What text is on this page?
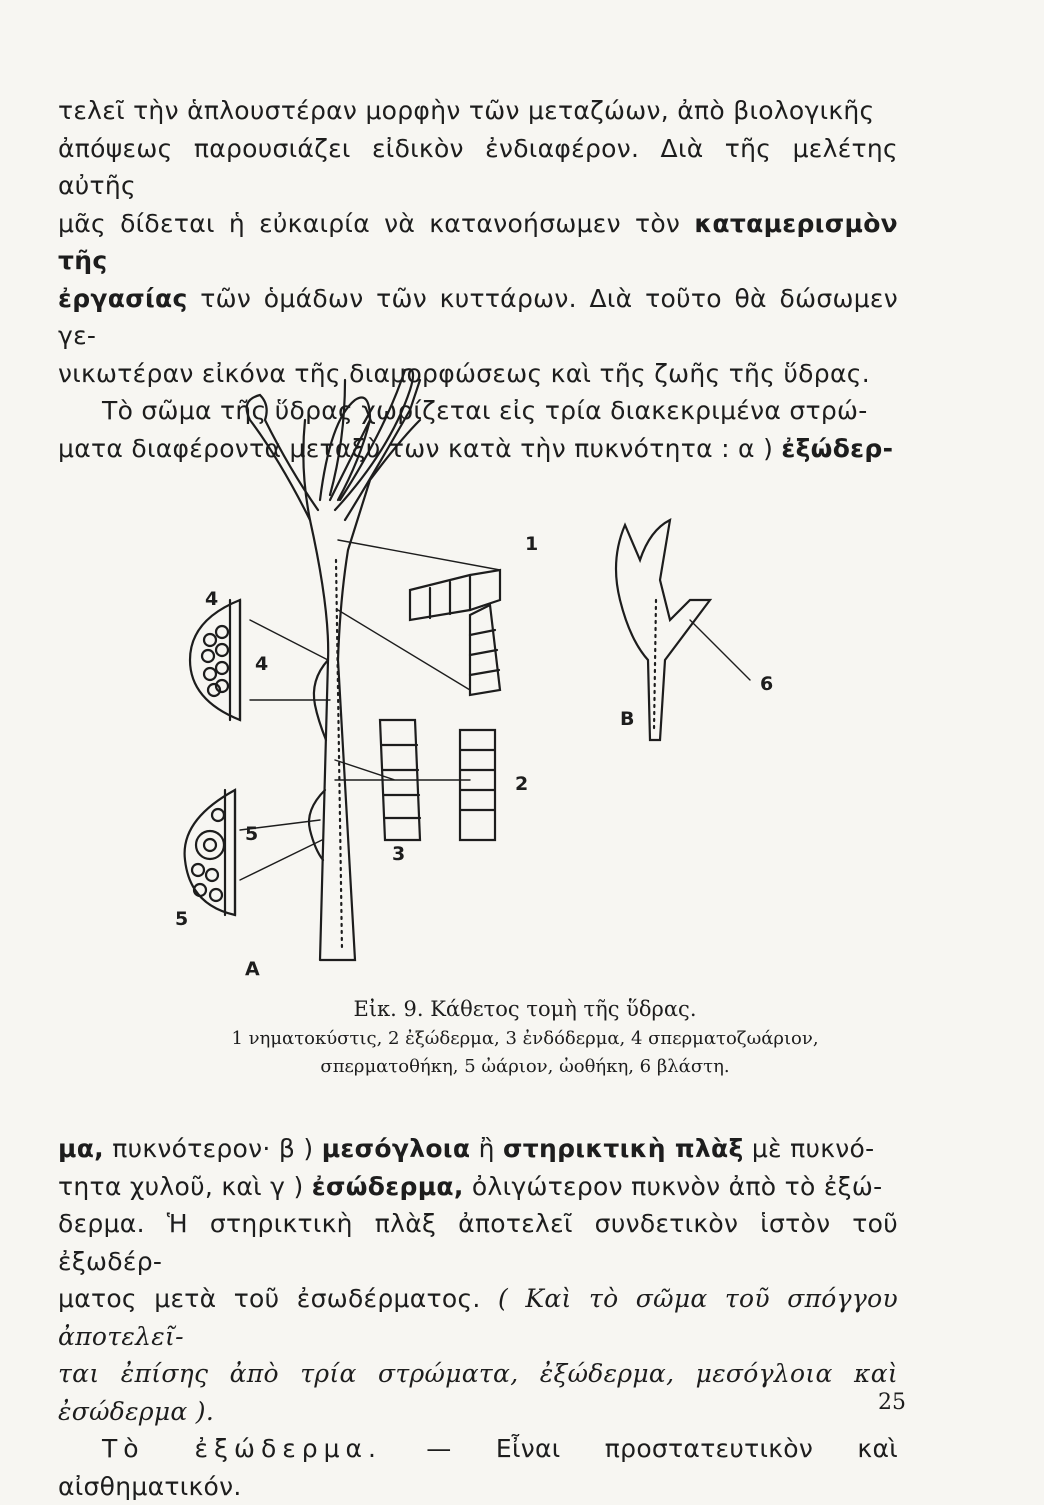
τελεῖ τὴν ἁπλουστέραν μορφὴν τῶν μεταζώων, ἀπὸ βιολογικῆς

ἀπόψεως παρουσιάζει εἰδικὸν ἐνδιαφέρον. Διὰ τῆς μελέτης αὐτῆς

μᾶς δίδεται ἡ εὐκαιρία νὰ κατανοήσωμεν τὸν καταμερισμὸν τῆς

ἐργασίας τῶν ὁμάδων τῶν κυττάρων. Διὰ τοῦτο θὰ δώσωμεν γε-

νικωτέραν εἰκόνα τῆς διαμορφώσεως καὶ τῆς ζωῆς τῆς ὕδρας.

Τὸ σῶμα τῆς ὕδρας χωρίζεται εἰς τρία διακεκριμένα στρώ-

ματα διαφέροντα μεταξὺ των κατὰ τὴν πυκνότητα : α ) ἐξώδερ-

1
2
3
4
4
5
5
6
Α
Β
Εἰκ. 9. Κάθετος τομὴ τῆς ὕδρας.
1 νηματοκύστις, 2 ἐξώδερμα, 3 ἐνδόδερμα, 4 σπερματοζωάριον,
σπερματοθήκη, 5 ὠάριον, ὠοθήκη, 6 βλάστη.

μα, πυκνότερον· β ) μεσόγλοια ἢ στηρικτικὴ πλὰξ μὲ πυκνό-

τητα χυλοῦ, καὶ γ ) ἐσώδερμα, ὀλιγώτερον πυκνὸν ἀπὸ τὸ ἐξώ-

δερμα. Ἡ στηρικτικὴ πλὰξ ἀποτελεῖ συνδετικὸν ἱστὸν τοῦ ἐξωδέρ-

ματος μετὰ τοῦ ἐσωδέρματος. ( Καὶ τὸ σῶμα τοῦ σπόγγου ἀποτελεῖ-

ται ἐπίσης ἀπὸ τρία στρώματα, ἐξώδερμα, μεσόγλοια καὶ ἐσώδερμα ).

Τὸ ἐξώδερμα. — Εἶναι προστατευτικὸν καὶ αἰσθηματικόν.

25
